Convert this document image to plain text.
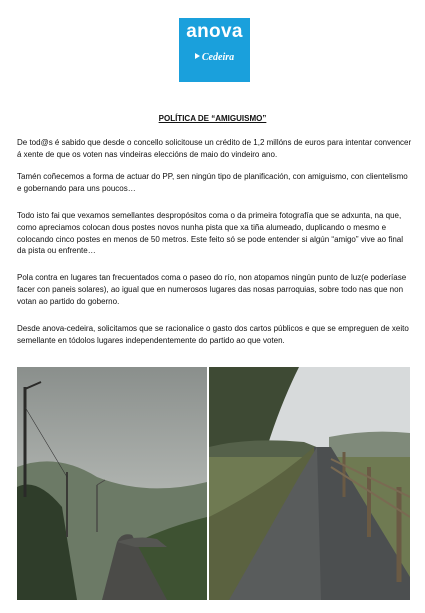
anova
Cedeira
POLÍTICA DE “AMIGUISMO”

De tod@s é sabido que desde o concello solicitouse un crédito de 1,2 millóns de euros para intentar convencer á xente de que os voten nas vindeiras eleccións de maio do vindeiro ano.

Tamén coñecemos a forma de actuar do PP, sen ningún tipo de planificación, con amiguismo, con clientelismo e gobernando para uns poucos…

Todo isto fai que vexamos semellantes despropósitos coma o da primeira fotografía que se adxunta, na que, como apreciamos colocan dous postes novos nunha pista que xa tiña alumeado, duplicando o mesmo e colocando cinco postes en menos de 50 metros. Este feito só se pode entender si algún “amigo” vive ao final da pista ou enfrente…

Pola contra en lugares tan frecuentados coma o paseo do río, non atopamos ningún punto de luz(e poderíase facer con paneis solares), ao igual que en numerosos lugares das nosas parroquias, sobre todo nas que non votan ao partido do goberno.

Desde anova-cedeira, solicitamos que se racionalice o gasto dos cartos públicos e que se empreguen de xeito semellante en tódolos lugares independentemente do partido ao que voten.
